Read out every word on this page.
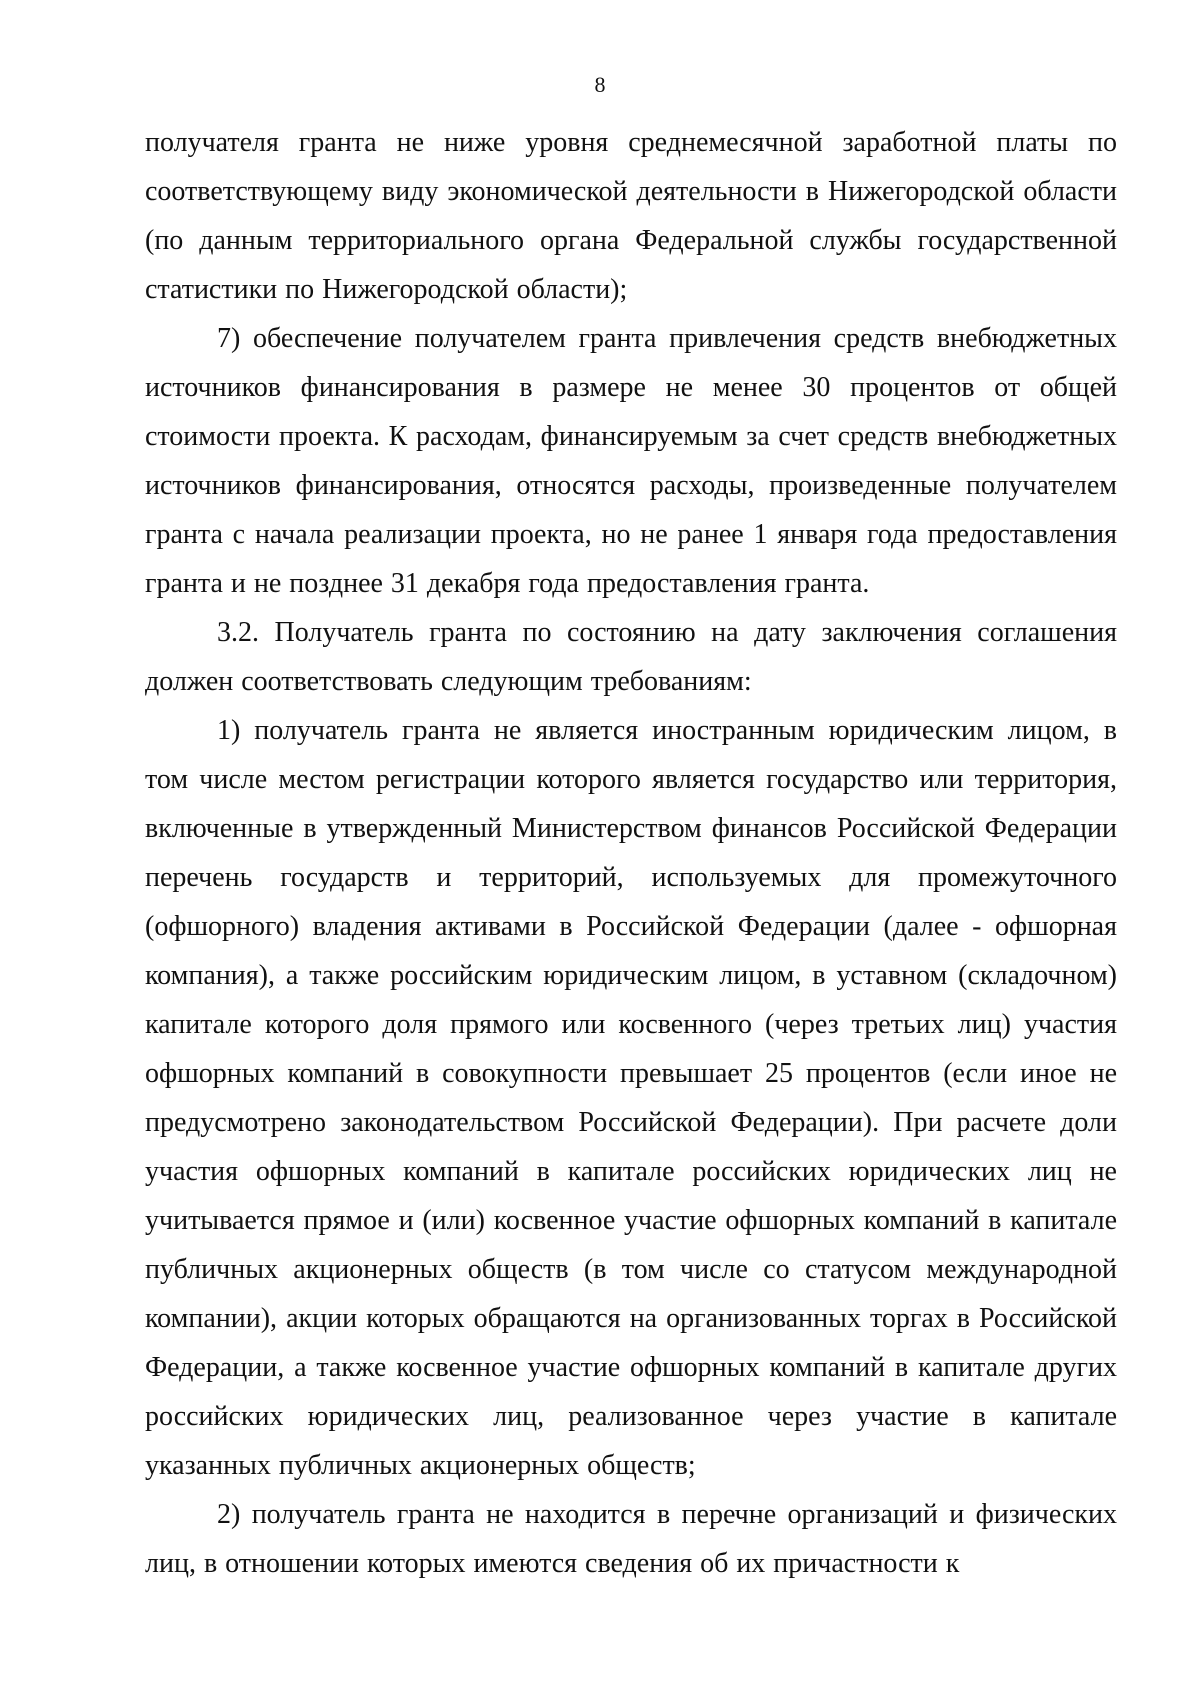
8

получателя гранта не ниже уровня среднемесячной заработной платы по соответствующему виду экономической деятельности в Нижегородской области (по данным территориального органа Федеральной службы государственной статистики по Нижегородской области);

7) обеспечение получателем гранта привлечения средств внебюджетных источников финансирования в размере не менее 30 процентов от общей стоимости проекта. К расходам, финансируемым за счет средств внебюджетных источников финансирования, относятся расходы, произведенные получателем гранта с начала реализации проекта, но не ранее 1 января года предоставления гранта и не позднее 31 декабря года предоставления гранта.

3.2. Получатель гранта по состоянию на дату заключения соглашения должен соответствовать следующим требованиям:

1) получатель гранта не является иностранным юридическим лицом, в том числе местом регистрации которого является государство или территория, включенные в утвержденный Министерством финансов Российской Федерации перечень государств и территорий, используемых для промежуточного (офшорного) владения активами в Российской Федерации (далее - офшорная компания), а также российским юридическим лицом, в уставном (складочном) капитале которого доля прямого или косвенного (через третьих лиц) участия офшорных компаний в совокупности превышает 25 процентов (если иное не предусмотрено законодательством Российской Федерации). При расчете доли участия офшорных компаний в капитале российских юридических лиц не учитывается прямое и (или) косвенное участие офшорных компаний в капитале публичных акционерных обществ (в том числе со статусом международной компании), акции которых обращаются на организованных торгах в Российской Федерации, а также косвенное участие офшорных компаний в капитале других российских юридических лиц, реализованное через участие в капитале указанных публичных акционерных обществ;

2) получатель гранта не находится в перечне организаций и физических лиц, в отношении которых имеются сведения об их причастности к
